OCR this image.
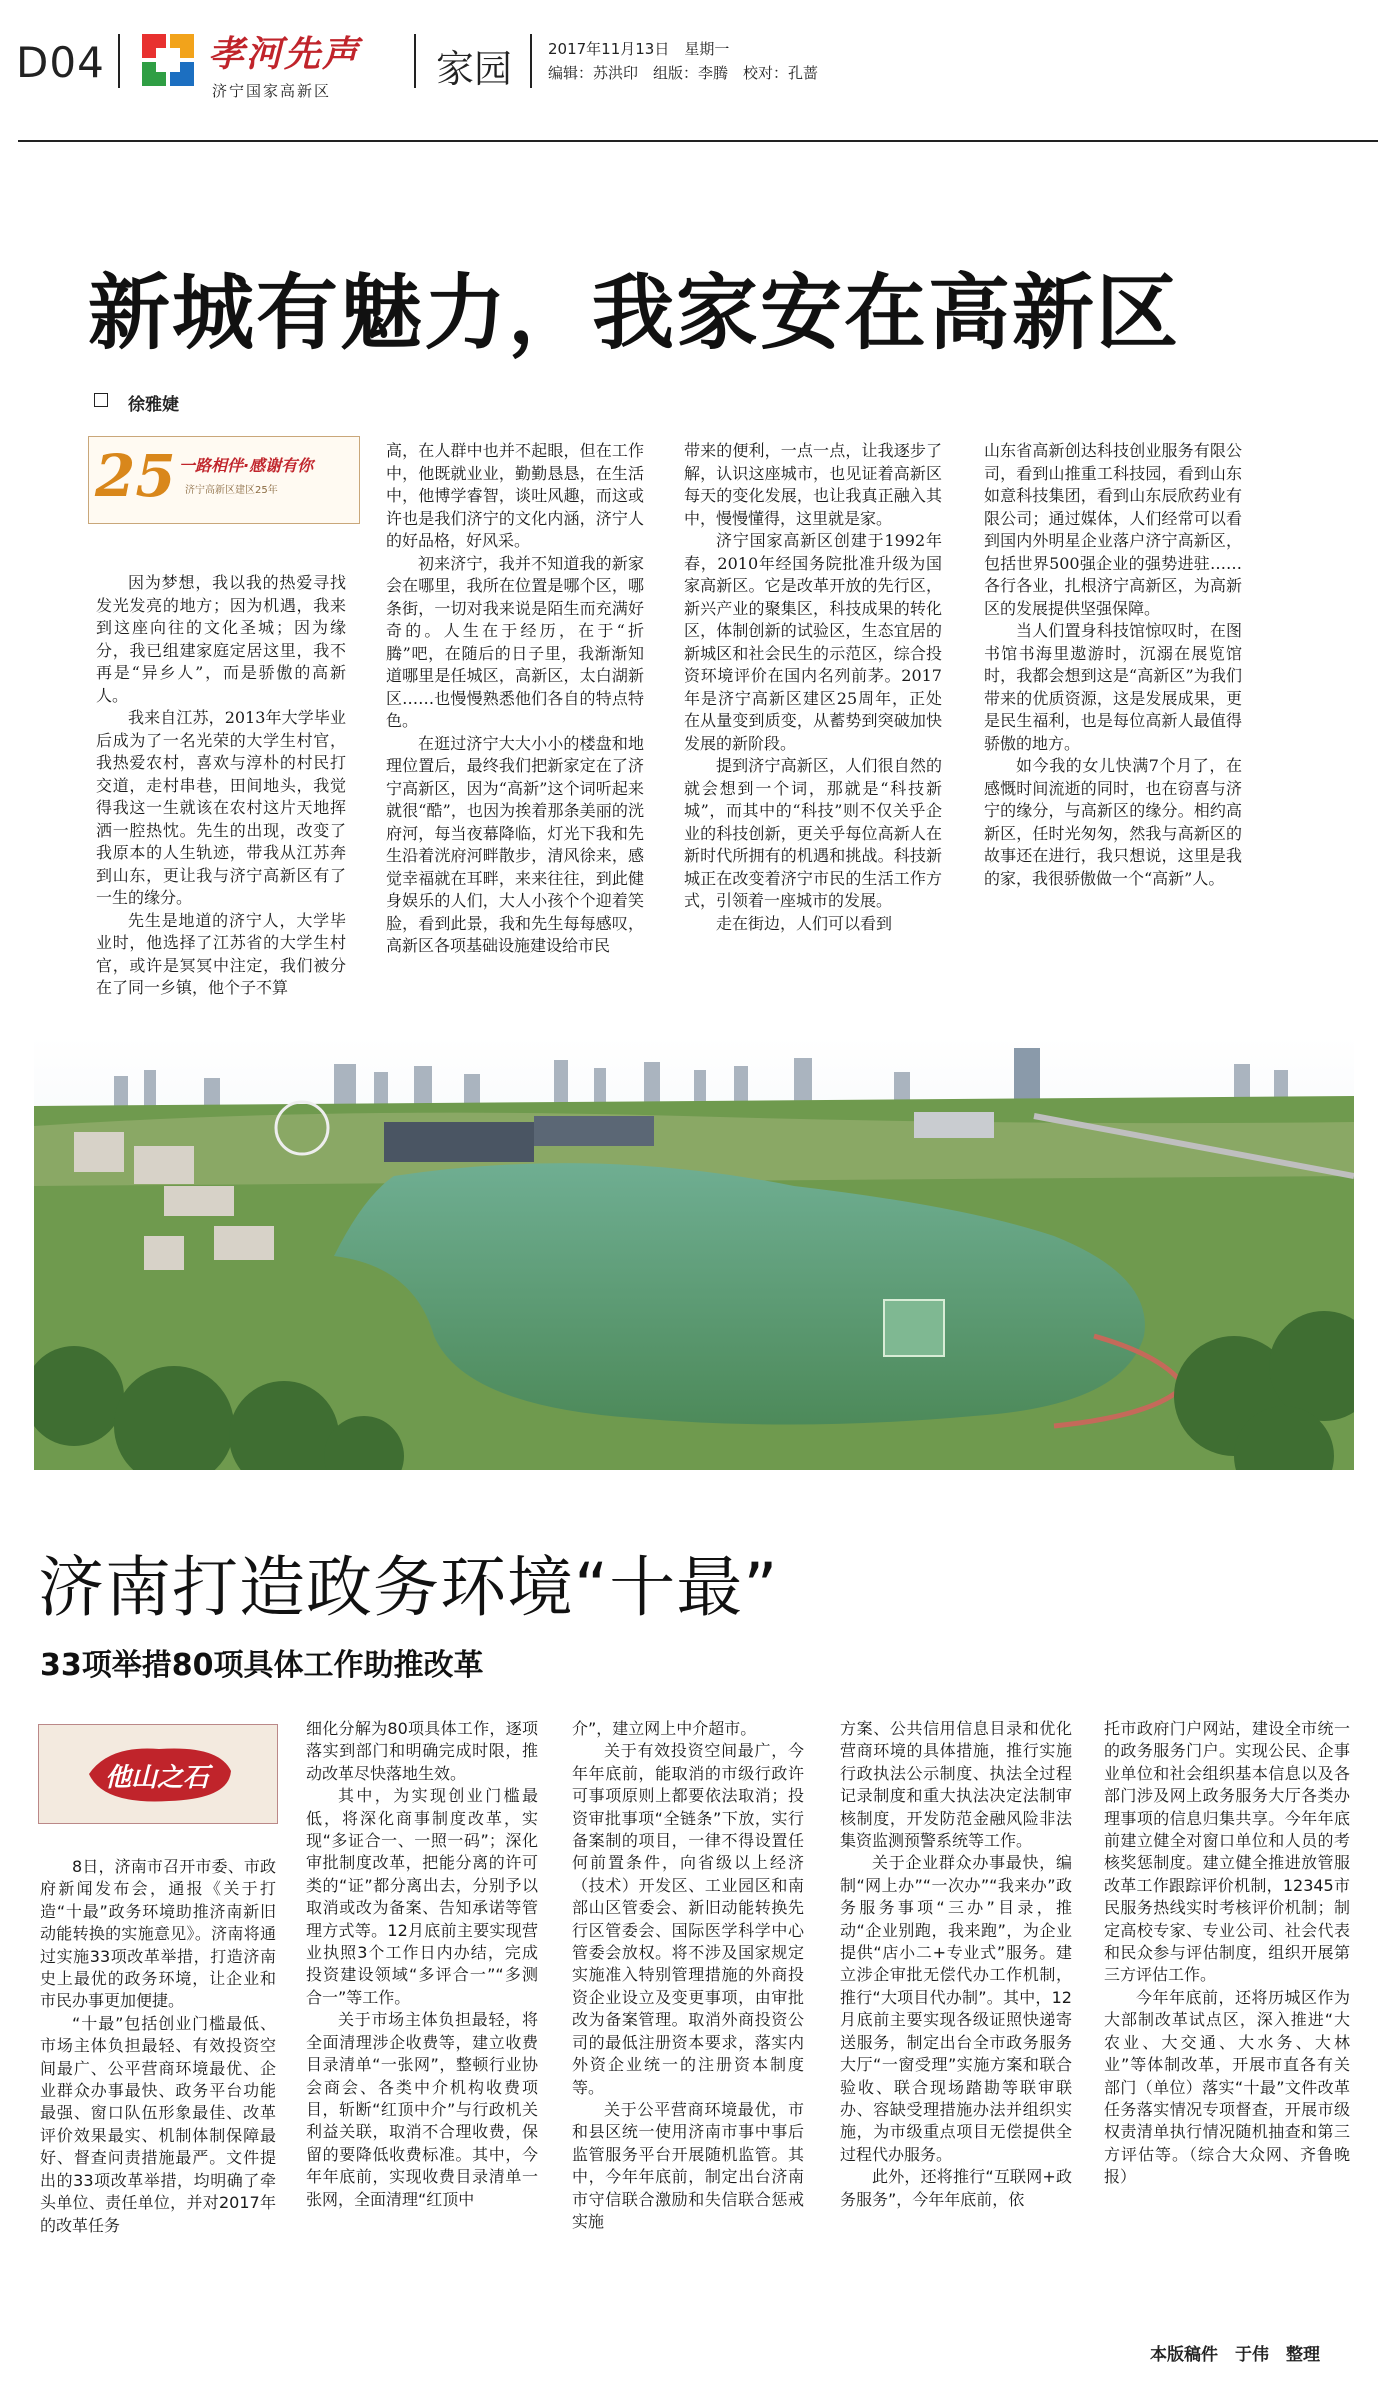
D04	孝河先声
济宁国家高新区	家园 2017年11月13日　星期一
编辑：苏洪印　组版：李腾　校对：孔蔷
新城有魅力，我家安在高新区
徐雅婕
25 一路相伴·感谢有你
济宁高新区建区25年

因为梦想，我以我的热爱寻找发光发亮的地方；因为机遇，我来到这座向往的文化圣城；因为缘分，我已组建家庭定居这里，我不再是“异乡人”，而是骄傲的高新人。

我来自江苏，2013年大学毕业后成为了一名光荣的大学生村官，我热爱农村，喜欢与淳朴的村民打交道，走村串巷，田间地头，我觉得我这一生就该在农村这片天地挥洒一腔热忱。先生的出现，改变了我原本的人生轨迹，带我从江苏奔到山东，更让我与济宁高新区有了一生的缘分。

先生是地道的济宁人，大学毕业时，他选择了江苏省的大学生村官，或许是冥冥中注定，我们被分在了同一乡镇，他个子不算

高，在人群中也并不起眼，但在工作中，他既就业业，勤勤恳恳，在生活中，他博学睿智，谈吐风趣，而这或许也是我们济宁的文化内涵，济宁人的好品格，好风采。

初来济宁，我并不知道我的新家会在哪里，我所在位置是哪个区，哪条街，一切对我来说是陌生而充满好奇的。人生在于经历，在于“折腾”吧，在随后的日子里，我渐渐知道哪里是任城区，高新区，太白湖新区……也慢慢熟悉他们各自的特点特色。

在逛过济宁大大小小的楼盘和地理位置后，最终我们把新家定在了济宁高新区，因为“高新”这个词听起来就很“酷”，也因为挨着那条美丽的洸府河，每当夜幕降临，灯光下我和先生沿着洸府河畔散步，清风徐来，感觉幸福就在耳畔，来来往往，到此健身娱乐的人们，大人小孩个个迎着笑脸，看到此景，我和先生每每感叹，高新区各项基础设施建设给市民

带来的便利，一点一点，让我逐步了解，认识这座城市，也见证着高新区每天的变化发展，也让我真正融入其中，慢慢懂得，这里就是家。

济宁国家高新区创建于1992年春，2010年经国务院批准升级为国家高新区。它是改革开放的先行区，新兴产业的聚集区，科技成果的转化区，体制创新的试验区，生态宜居的新城区和社会民生的示范区，综合投资环境评价在国内名列前茅。2017年是济宁高新区建区25周年，正处在从量变到质变，从蓄势到突破加快发展的新阶段。

提到济宁高新区，人们很自然的就会想到一个词，那就是“科技新城”，而其中的“科技”则不仅关乎企业的科技创新，更关乎每位高新人在新时代所拥有的机遇和挑战。科技新城正在改变着济宁市民的生活工作方式，引领着一座城市的发展。

走在街边，人们可以看到

山东省高新创达科技创业服务有限公司，看到山推重工科技园，看到山东如意科技集团，看到山东辰欣药业有限公司；通过媒体，人们经常可以看到国内外明星企业落户济宁高新区，包括世界500强企业的强势进驻……各行各业，扎根济宁高新区，为高新区的发展提供坚强保障。

当人们置身科技馆惊叹时，在图书馆书海里遨游时，沉溺在展览馆时，我都会想到这是“高新区”为我们带来的优质资源，这是发展成果，更是民生福利，也是每位高新人最值得骄傲的地方。

如今我的女儿快满7个月了，在感慨时间流逝的同时，也在窃喜与济宁的缘分，与高新区的缘分。相约高新区，任时光匆匆，然我与高新区的故事还在进行，我只想说，这里是我的家，我很骄傲做一个“高新”人。

济南打造政务环境“十最”
33项举措80项具体工作助推改革
他山之石

8日，济南市召开市委、市政府新闻发布会，通报《关于打造“十最”政务环境助推济南新旧动能转换的实施意见》。济南将通过实施33项改革举措，打造济南史上最优的政务环境，让企业和市民办事更加便捷。

“十最”包括创业门槛最低、市场主体负担最轻、有效投资空间最广、公平营商环境最优、企业群众办事最快、政务平台功能最强、窗口队伍形象最佳、改革评价效果最实、机制体制保障最好、督查问责措施最严。文件提出的33项改革举措，均明确了牵头单位、责任单位，并对2017年的改革任务

细化分解为80项具体工作，逐项落实到部门和明确完成时限，推动改革尽快落地生效。

其中，为实现创业门槛最低，将深化商事制度改革，实现“多证合一、一照一码”；深化审批制度改革，把能分离的许可类的“证”都分离出去，分别予以取消或改为备案、告知承诺等管理方式等。12月底前主要实现营业执照3个工作日内办结，完成投资建设领域“多评合一”“多测合一”等工作。

关于市场主体负担最轻，将全面清理涉企收费等，建立收费目录清单“一张网”，整顿行业协会商会、各类中介机构收费项目，斩断“红顶中介”与行政机关利益关联，取消不合理收费，保留的要降低收费标准。其中，今年年底前，实现收费目录清单一张网，全面清理“红顶中

介”，建立网上中介超市。

关于有效投资空间最广，今年年底前，能取消的市级行政许可事项原则上都要依法取消；投资审批事项“全链条”下放，实行备案制的项目，一律不得设置任何前置条件，向省级以上经济（技术）开发区、工业园区和南部山区管委会、新旧动能转换先行区管委会、国际医学科学中心管委会放权。将不涉及国家规定实施准入特别管理措施的外商投资企业设立及变更事项，由审批改为备案管理。取消外商投资公司的最低注册资本要求，落实内外资企业统一的注册资本制度等。

关于公平营商环境最优，市和县区统一使用济南市事中事后监管服务平台开展随机监管。其中，今年年底前，制定出台济南市守信联合激励和失信联合惩戒实施

方案、公共信用信息目录和优化营商环境的具体措施，推行实施行政执法公示制度、执法全过程记录制度和重大执法决定法制审核制度，开发防范金融风险非法集资监测预警系统等工作。

关于企业群众办事最快，编制“网上办”“一次办”“我来办”政务服务事项“三办”目录，推动“企业别跑，我来跑”，为企业提供“店小二+专业式”服务。建立涉企审批无偿代办工作机制，推行“大项目代办制”。其中，12月底前主要实现各级证照快递寄送服务，制定出台全市政务服务大厅“一窗受理”实施方案和联合验收、联合现场踏勘等联审联办、容缺受理措施办法并组织实施，为市级重点项目无偿提供全过程代办服务。

此外，还将推行“互联网+政务服务”，今年年底前，依

托市政府门户网站，建设全市统一的政务服务门户。实现公民、企事业单位和社会组织基本信息以及各部门涉及网上政务服务大厅各类办理事项的信息归集共享。今年年底前建立健全对窗口单位和人员的考核奖惩制度。建立健全推进放管服改革工作跟踪评价机制，12345市民服务热线实时考核评价机制；制定高校专家、专业公司、社会代表和民众参与评估制度，组织开展第三方评估工作。

今年年底前，还将历城区作为大部制改革试点区，深入推进“大农业、大交通、大水务、大林业”等体制改革，开展市直各有关部门（单位）落实“十最”文件改革任务落实情况专项督查，开展市级权责清单执行情况随机抽查和第三方评估等。（综合大众网、齐鲁晚报）

本版稿件　于伟　整理
